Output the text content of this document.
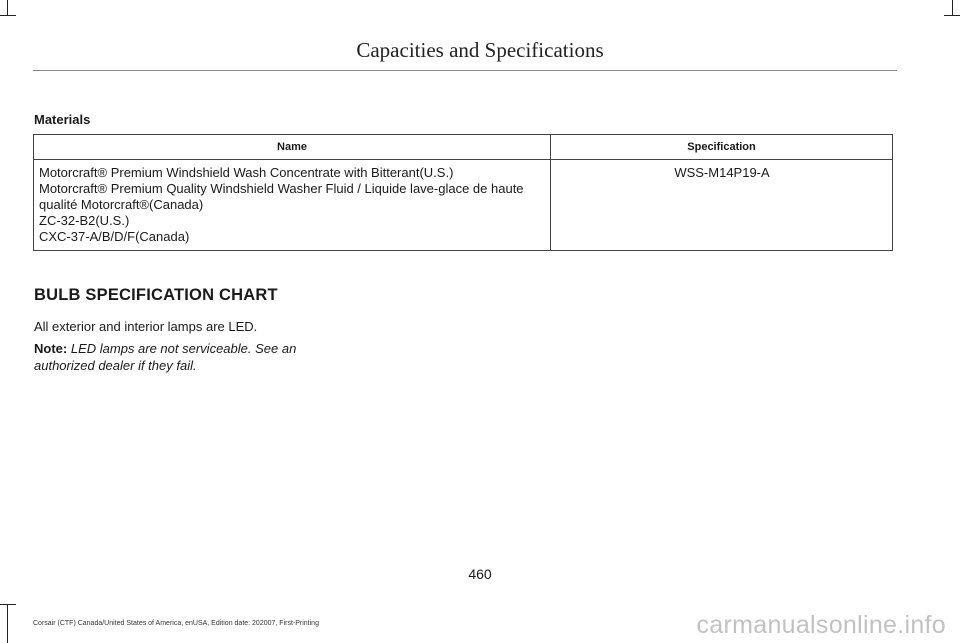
Capacities and Specifications
Materials
Name	Specification

Motorcraft® Premium Windshield Wash Concentrate with Bitterant(U.S.)
Motorcraft® Premium Quality Windshield Washer Fluid / Liquide lave-glace de haute qualité Motorcraft®(Canada)
ZC-32-B2(U.S.)
CXC-37-A/B/D/F(Canada)	WSS-M14P19-A
BULB SPECIFICATION CHART
All exterior and interior lamps are LED.
Note: LED lamps are not serviceable. See an authorized dealer if they fail.
460
Corsair (CTF) Canada/United States of America, enUSA, Edition date: 202007, First-Printing	carmanualsonline.info
